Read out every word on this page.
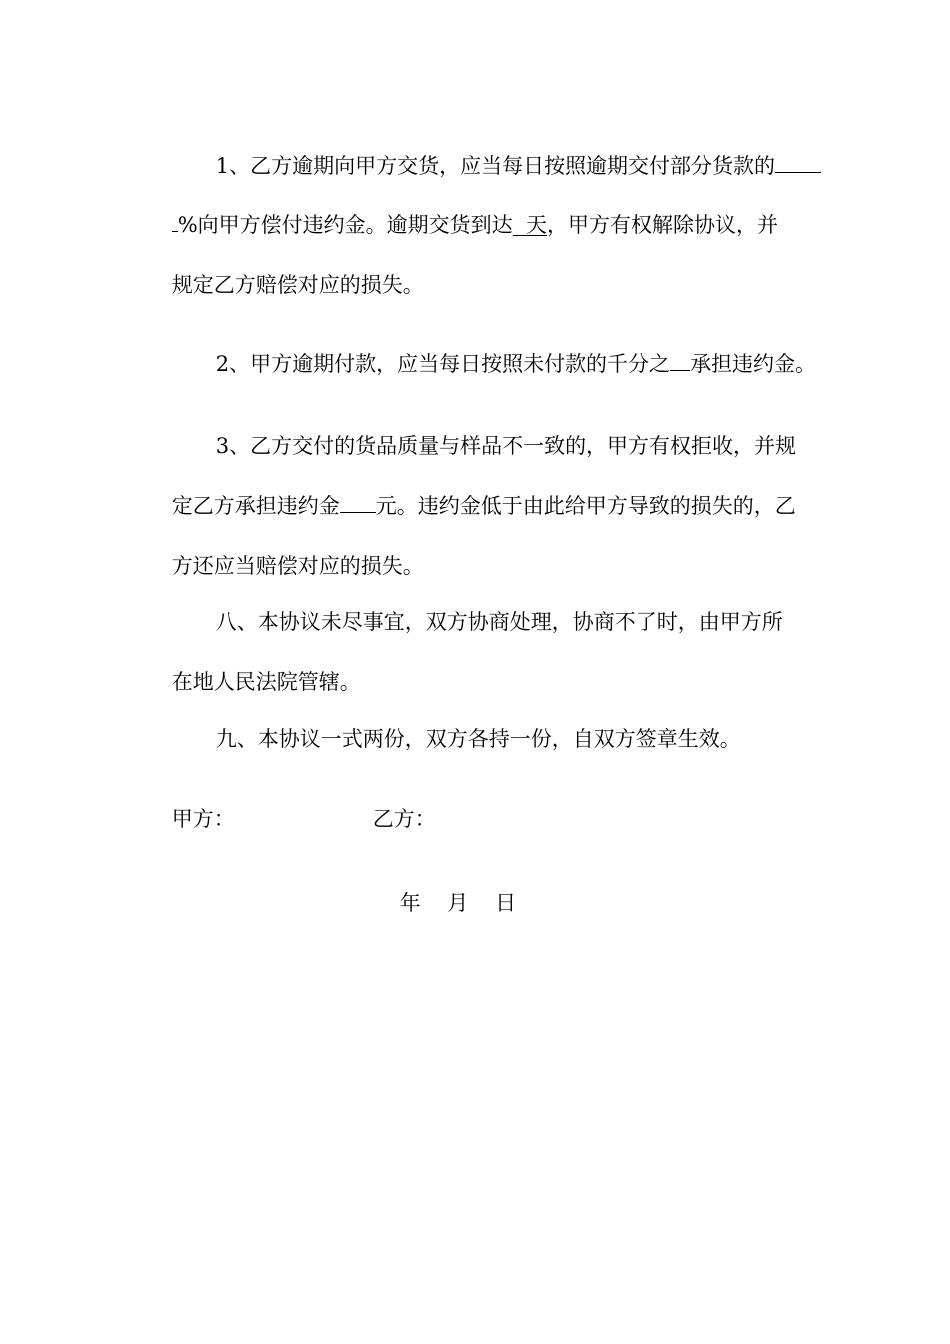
1、乙方逾期向甲方交货，应当每日按照逾期交付部分货款的

%向甲方偿付违约金。逾期交货到达  天，甲方有权解除协议，并

规定乙方赔偿对应的损失。

2、甲方逾期付款，应当每日按照未付款的千分之 承担违约金。

3、乙方交付的货品质量与样品不一致的，甲方有权拒收，并规

定乙方承担违约金 元。违约金低于由此给甲方导致的损失的，乙

方还应当赔偿对应的损失。

八、本协议未尽事宜，双方协商处理，协商不了时，由甲方所

在地人民法院管辖。

九、本协议一式两份，双方各持一份，自双方签章生效。

甲方：
	乙方：

年    月    日
